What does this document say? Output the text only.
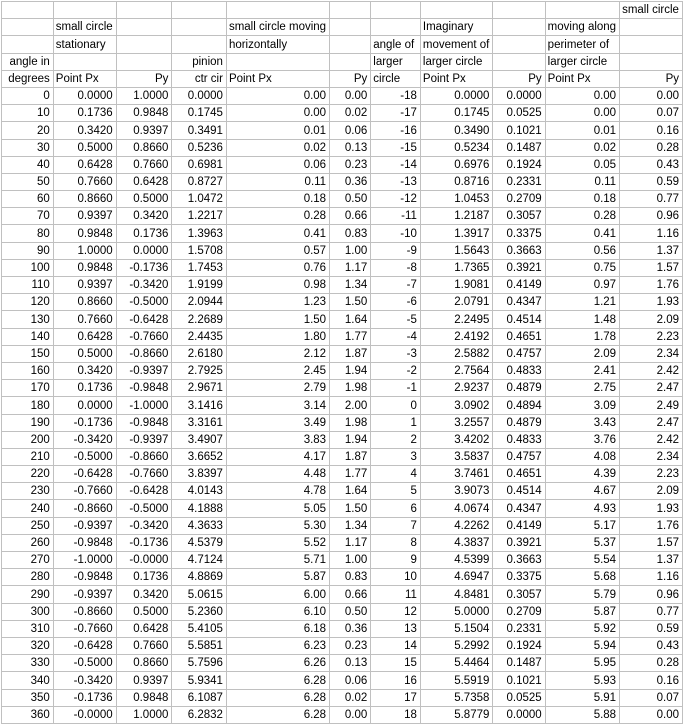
										small circle
	small circle			small circle moving			Imaginary		moving along	
	stationary			horizontally		angle of	movement of		perimeter of	
angle in			pinion			larger	larger circle		larger circle	
degrees	Point Px	Py	ctr cir	Point Px	Py	circle	Point Px	Py	Point Px	Py
0	0.0000	1.0000	0.0000	0.00	0.00	-18	0.0000	0.0000	0.00	0.00
10	0.1736	0.9848	0.1745	0.00	0.02	-17	0.1745	0.0525	0.00	0.07
20	0.3420	0.9397	0.3491	0.01	0.06	-16	0.3490	0.1021	0.01	0.16
30	0.5000	0.8660	0.5236	0.02	0.13	-15	0.5234	0.1487	0.02	0.28
40	0.6428	0.7660	0.6981	0.06	0.23	-14	0.6976	0.1924	0.05	0.43
50	0.7660	0.6428	0.8727	0.11	0.36	-13	0.8716	0.2331	0.11	0.59
60	0.8660	0.5000	1.0472	0.18	0.50	-12	1.0453	0.2709	0.18	0.77
70	0.9397	0.3420	1.2217	0.28	0.66	-11	1.2187	0.3057	0.28	0.96
80	0.9848	0.1736	1.3963	0.41	0.83	-10	1.3917	0.3375	0.41	1.16
90	1.0000	0.0000	1.5708	0.57	1.00	-9	1.5643	0.3663	0.56	1.37
100	0.9848	-0.1736	1.7453	0.76	1.17	-8	1.7365	0.3921	0.75	1.57
110	0.9397	-0.3420	1.9199	0.98	1.34	-7	1.9081	0.4149	0.97	1.76
120	0.8660	-0.5000	2.0944	1.23	1.50	-6	2.0791	0.4347	1.21	1.93
130	0.7660	-0.6428	2.2689	1.50	1.64	-5	2.2495	0.4514	1.48	2.09
140	0.6428	-0.7660	2.4435	1.80	1.77	-4	2.4192	0.4651	1.78	2.23
150	0.5000	-0.8660	2.6180	2.12	1.87	-3	2.5882	0.4757	2.09	2.34
160	0.3420	-0.9397	2.7925	2.45	1.94	-2	2.7564	0.4833	2.41	2.42
170	0.1736	-0.9848	2.9671	2.79	1.98	-1	2.9237	0.4879	2.75	2.47
180	0.0000	-1.0000	3.1416	3.14	2.00	0	3.0902	0.4894	3.09	2.49
190	-0.1736	-0.9848	3.3161	3.49	1.98	1	3.2557	0.4879	3.43	2.47
200	-0.3420	-0.9397	3.4907	3.83	1.94	2	3.4202	0.4833	3.76	2.42
210	-0.5000	-0.8660	3.6652	4.17	1.87	3	3.5837	0.4757	4.08	2.34
220	-0.6428	-0.7660	3.8397	4.48	1.77	4	3.7461	0.4651	4.39	2.23
230	-0.7660	-0.6428	4.0143	4.78	1.64	5	3.9073	0.4514	4.67	2.09
240	-0.8660	-0.5000	4.1888	5.05	1.50	6	4.0674	0.4347	4.93	1.93
250	-0.9397	-0.3420	4.3633	5.30	1.34	7	4.2262	0.4149	5.17	1.76
260	-0.9848	-0.1736	4.5379	5.52	1.17	8	4.3837	0.3921	5.37	1.57
270	-1.0000	-0.0000	4.7124	5.71	1.00	9	4.5399	0.3663	5.54	1.37
280	-0.9848	0.1736	4.8869	5.87	0.83	10	4.6947	0.3375	5.68	1.16
290	-0.9397	0.3420	5.0615	6.00	0.66	11	4.8481	0.3057	5.79	0.96
300	-0.8660	0.5000	5.2360	6.10	0.50	12	5.0000	0.2709	5.87	0.77
310	-0.7660	0.6428	5.4105	6.18	0.36	13	5.1504	0.2331	5.92	0.59
320	-0.6428	0.7660	5.5851	6.23	0.23	14	5.2992	0.1924	5.94	0.43
330	-0.5000	0.8660	5.7596	6.26	0.13	15	5.4464	0.1487	5.95	0.28
340	-0.3420	0.9397	5.9341	6.28	0.06	16	5.5919	0.1021	5.93	0.16
350	-0.1736	0.9848	6.1087	6.28	0.02	17	5.7358	0.0525	5.91	0.07
360	-0.0000	1.0000	6.2832	6.28	0.00	18	5.8779	0.0000	5.88	0.00
